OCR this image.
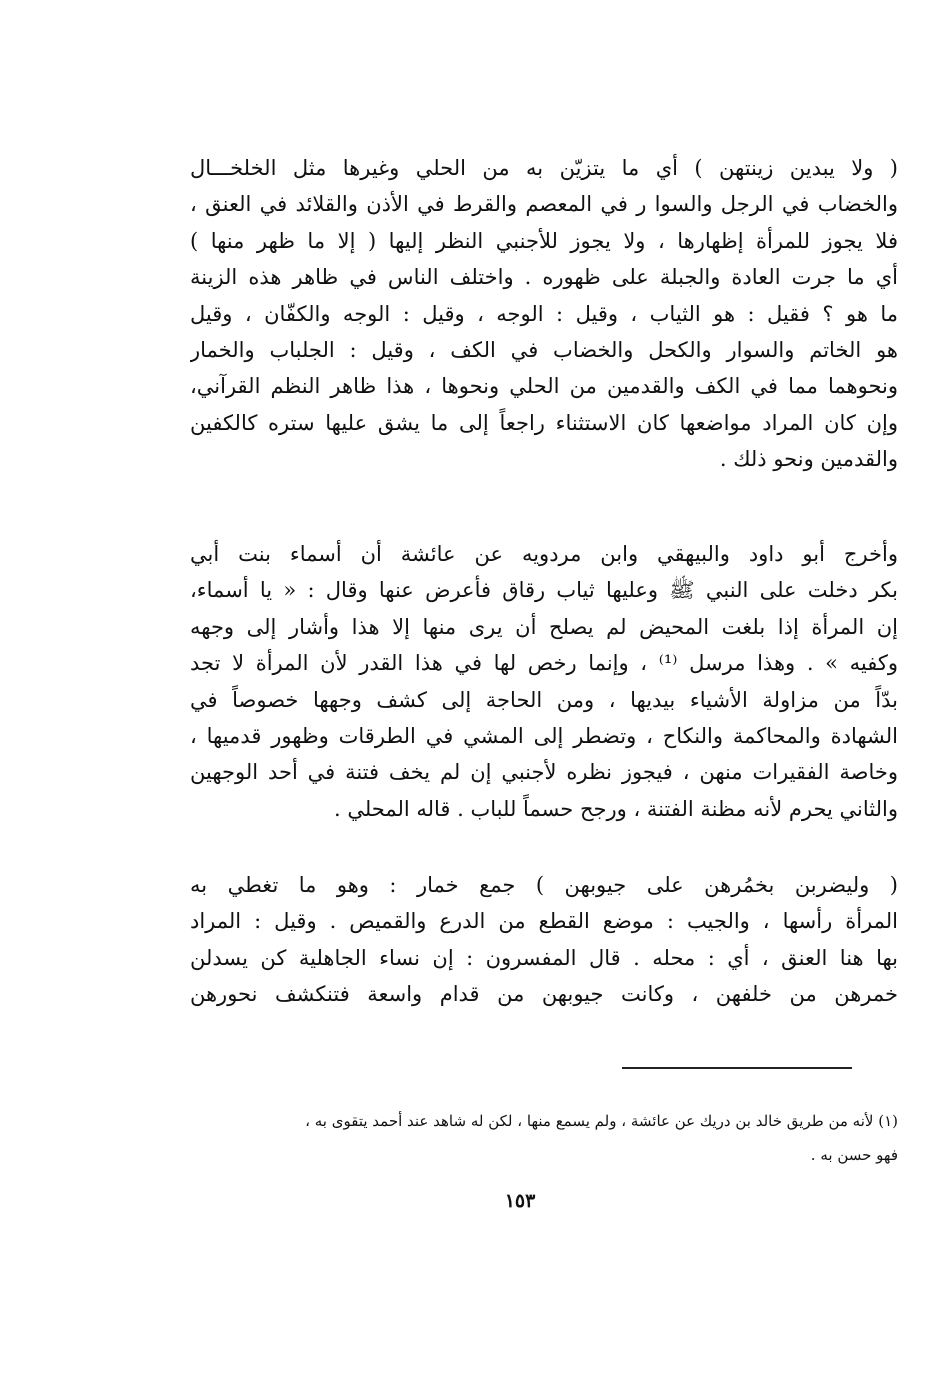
( ولا يبدين زينتهن ) أي ما يتزيّن به من الحلي وغيرها مثل الخلخـــال
والخضاب في الرجل والسوا ر في المعصم والقرط في الأذن والقلائد في العنق ،
فلا يجوز للمرأة إظهارها ، ولا يجوز للأجنبي النظر إليها ( إلا ما ظهر منها )
أي ما جرت العادة والجبلة على ظهوره . واختلف الناس في ظاهر هذه الزينة
ما هو ؟ فقيل : هو الثياب ، وقيل : الوجه ، وقيل : الوجه والكفّان ، وقيل
هو الخاتم والسوار والكحل والخضاب في الكف ، وقيل : الجلباب والخمار
ونحوهما مما في الكف والقدمين من الحلي ونحوها ، هذا ظاهر النظم القرآني،
وإن كان المراد مواضعها كان الاستثناء راجعاً إلى ما يشق عليها ستره كالكفين
والقدمين ونحو ذلك .
وأخرج أبو داود والبيهقي وابن مردويه عن عائشة أن أسماء بنت أبي
بكر دخلت على النبي ﷺ وعليها ثياب رقاق فأعرض عنها وقال : « يا أسماء،
إن المرأة إذا بلغت المحيض لم يصلح أن يرى منها إلا هذا وأشار إلى وجهه
وكفيه » . وهذا مرسل ⁽¹⁾ ، وإنما رخص لها في هذا القدر لأن المرأة لا تجد
بدّاً من مزاولة الأشياء بيديها ، ومن الحاجة إلى كشف وجهها خصوصاً في
الشهادة والمحاكمة والنكاح ، وتضطر إلى المشي في الطرقات وظهور قدميها ،
وخاصة الفقيرات منهن ، فيجوز نظره لأجنبي إن لم يخف فتنة في أحد الوجهين
والثاني يحرم لأنه مظنة الفتنة ، ورجح حسماً للباب . قاله المحلي .
( وليضربن بخمُرهن على جيوبهن ) جمع خمار : وهو ما تغطي به
المرأة رأسها ، والجيب : موضع القطع من الدرع والقميص . وقيل : المراد
بها هنا العنق ، أي : محله . قال المفسرون : إن نساء الجاهلية كن يسدلن
خمرهن من خلفهن ، وكانت جيوبهن من قدام واسعة فتنكشف نحورهن
(١) لأنه من طريق خالد بن دريك عن عائشة ، ولم يسمع منها ، لكن له شاهد عند أحمد يتقوى به ،
فهو حسن به .
١٥٣
